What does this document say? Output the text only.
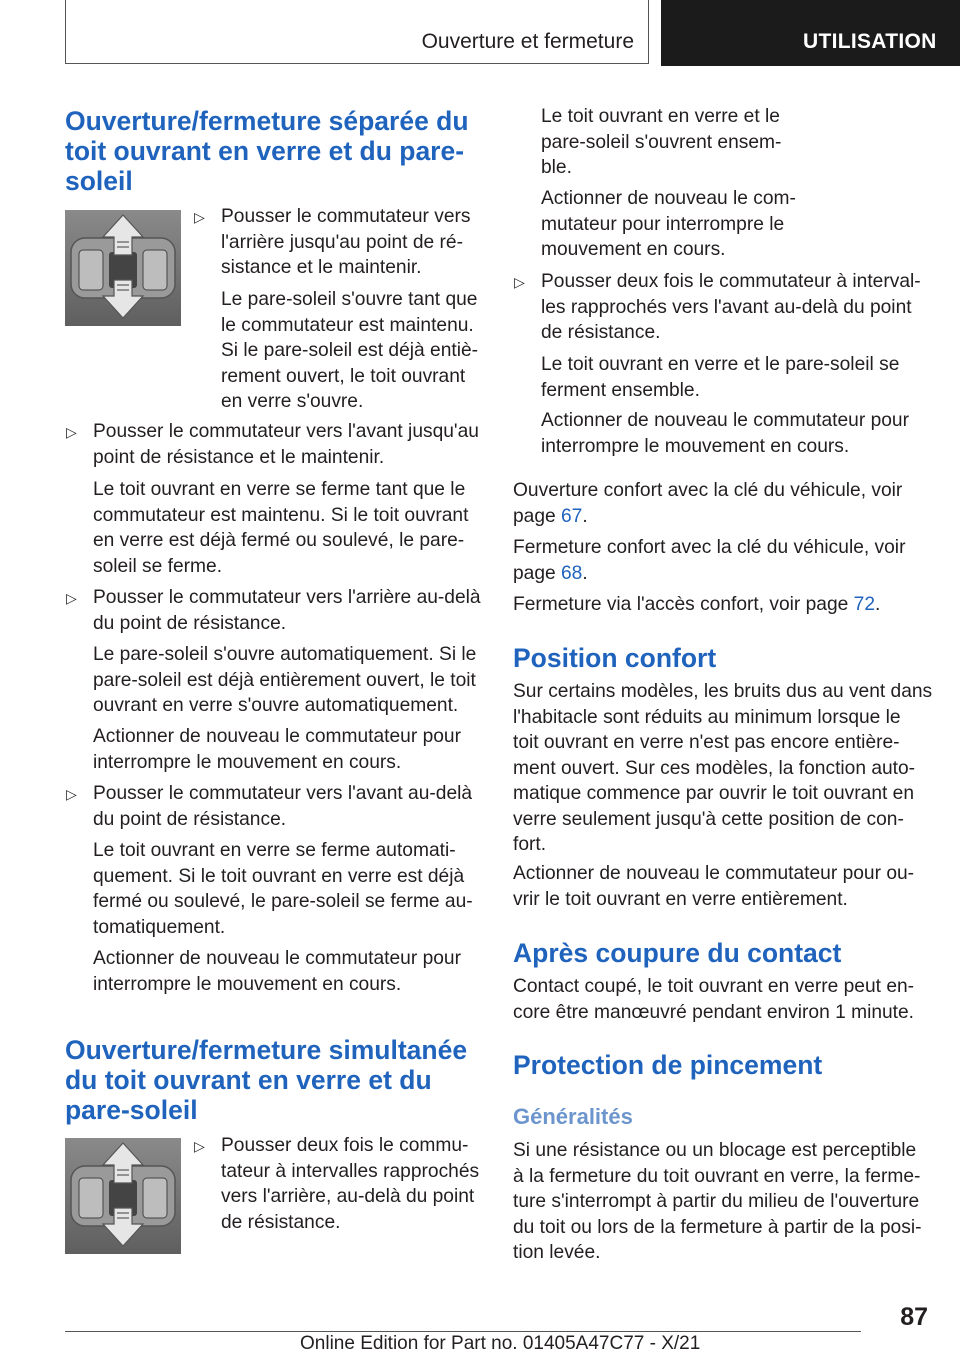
Ouverture et fermeture	UTILISATION
Ouverture/fermeture séparée du
toit ouvrant en verre et du pare-
soleil
▷ Pousser le commutateur vers
l'arrière jusqu'au point de ré-
sistance et le maintenir.
Le pare-soleil s'ouvre tant que
le commutateur est maintenu.
Si le pare-soleil est déjà entiè-
rement ouvert, le toit ouvrant
en verre s'ouvre.
▷ Pousser le commutateur vers l'avant jusqu'au
point de résistance et le maintenir.
Le toit ouvrant en verre se ferme tant que le
commutateur est maintenu. Si le toit ouvrant
en verre est déjà fermé ou soulevé, le pare-
soleil se ferme.
▷ Pousser le commutateur vers l'arrière au-delà
du point de résistance.
Le pare-soleil s'ouvre automatiquement. Si le
pare-soleil est déjà entièrement ouvert, le toit
ouvrant en verre s'ouvre automatiquement.
Actionner de nouveau le commutateur pour
interrompre le mouvement en cours.
▷ Pousser le commutateur vers l'avant au-delà
du point de résistance.
Le toit ouvrant en verre se ferme automati-
quement. Si le toit ouvrant en verre est déjà
fermé ou soulevé, le pare-soleil se ferme au-
tomatiquement.
Actionner de nouveau le commutateur pour
interrompre le mouvement en cours.
Ouverture/fermeture simultanée
du toit ouvrant en verre et du
pare-soleil
▷ Pousser deux fois le commu-
tateur à intervalles rapprochés
vers l'arrière, au-delà du point
de résistance.
Le toit ouvrant en verre et le
pare-soleil s'ouvrent ensem-
ble.
Actionner de nouveau le com-
mutateur pour interrompre le
mouvement en cours.
▷ Pousser deux fois le commutateur à interval-
les rapprochés vers l'avant au-delà du point
de résistance.
Le toit ouvrant en verre et le pare-soleil se
ferment ensemble.
Actionner de nouveau le commutateur pour
interrompre le mouvement en cours.
Ouverture confort avec la clé du véhicule, voir
page 67.
Fermeture confort avec la clé du véhicule, voir
page 68.
Fermeture via l'accès confort, voir page 72.
Position confort
Sur certains modèles, les bruits dus au vent dans
l'habitacle sont réduits au minimum lorsque le
toit ouvrant en verre n'est pas encore entière-
ment ouvert. Sur ces modèles, la fonction auto-
matique commence par ouvrir le toit ouvrant en
verre seulement jusqu'à cette position de con-
fort.
Actionner de nouveau le commutateur pour ou-
vrir le toit ouvrant en verre entièrement.
Après coupure du contact
Contact coupé, le toit ouvrant en verre peut en-
core être manœuvré pendant environ 1 minute.
Protection de pincement
Généralités
Si une résistance ou un blocage est perceptible
à la fermeture du toit ouvrant en verre, la ferme-
ture s'interrompt à partir du milieu de l'ouverture
du toit ou lors de la fermeture à partir de la posi-
tion levée.
87
Online Edition for Part no. 01405A47C77 - X/21
